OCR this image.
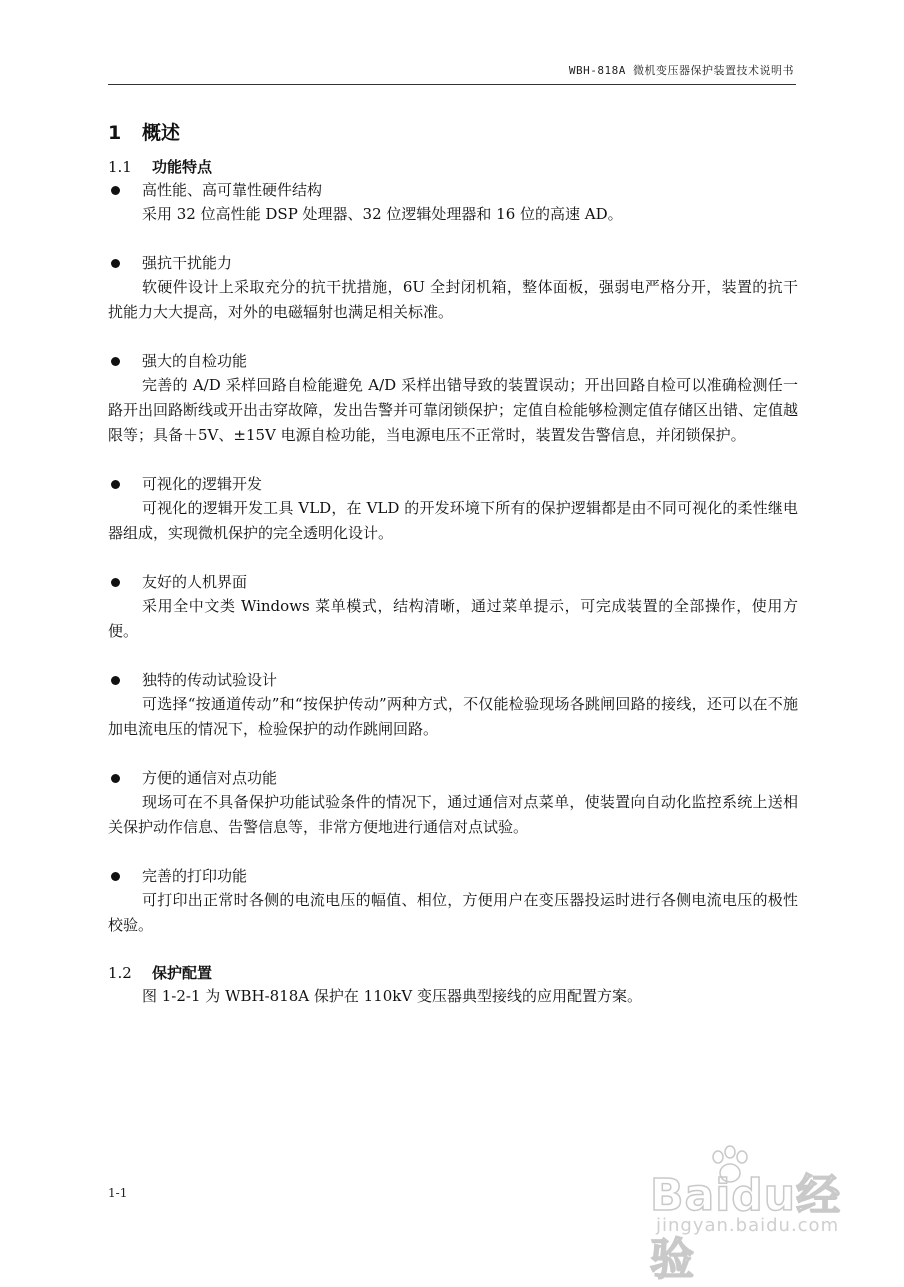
WBH-818A 微机变压器保护装置技术说明书
1 概述
1.1 功能特点
高性能、高可靠性硬件结构

采用 32 位高性能 DSP 处理器、32 位逻辑处理器和 16 位的高速 AD。

强抗干扰能力

软硬件设计上采取充分的抗干扰措施，6U 全封闭机箱，整体面板，强弱电严格分开，装置的抗干扰能力大大提高，对外的电磁辐射也满足相关标准。

强大的自检功能

完善的 A/D 采样回路自检能避免 A/D 采样出错导致的装置误动；开出回路自检可以准确检测任一路开出回路断线或开出击穿故障，发出告警并可靠闭锁保护；定值自检能够检测定值存储区出错、定值越限等；具备＋5V、±15V 电源自检功能，当电源电压不正常时，装置发告警信息，并闭锁保护。

可视化的逻辑开发

可视化的逻辑开发工具 VLD，在 VLD 的开发环境下所有的保护逻辑都是由不同可视化的柔性继电器组成，实现微机保护的完全透明化设计。

友好的人机界面

采用全中文类 Windows 菜单模式，结构清晰，通过菜单提示，可完成装置的全部操作，使用方便。

独特的传动试验设计

可选择“按通道传动”和“按保护传动”两种方式，不仅能检验现场各跳闸回路的接线，还可以在不施加电流电压的情况下，检验保护的动作跳闸回路。

方便的通信对点功能

现场可在不具备保护功能试验条件的情况下，通过通信对点菜单，使装置向自动化监控系统上送相关保护动作信息、告警信息等，非常方便地进行通信对点试验。

完善的打印功能

可打印出正常时各侧的电流电压的幅值、相位，方便用户在变压器投运时进行各侧电流电压的极性校验。

1.2 保护配置

图 1-2-1 为 WBH-818A 保护在 110kV 变压器典型接线的应用配置方案。

1-1	Baidu经验
jingyan.baidu.com
